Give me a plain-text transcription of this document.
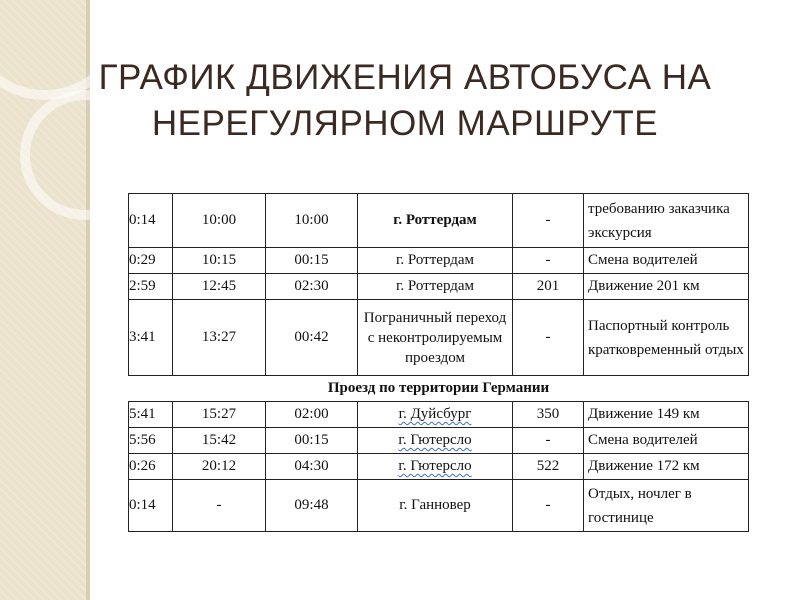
ГРАФИК ДВИЖЕНИЯ АВТОБУСА НА НЕРЕГУЛЯРНОМ МАРШРУТЕ
0:14	10:00	10:00	г. Роттердам	-	требованию заказчика экскурсия
0:29	10:15	00:15	г. Роттердам	-	Смена водителей
2:59	12:45	02:30	г. Роттердам	201	Движение 201 км
3:41	13:27	00:42	Пограничный переход с неконтролируемым проездом	-	Паспортный контроль кратковременный отдых
Проезд по территории Германии					
5:41	15:27	02:00	г. Дуйсбург	350	Движение 149 км
5:56	15:42	00:15	г. Гютерсло	-	Смена водителей
0:26	20:12	04:30	г. Гютерсло	522	Движение 172 км
0:14	-	09:48	г. Ганновер	-	Отдых, ночлег в гостинице
